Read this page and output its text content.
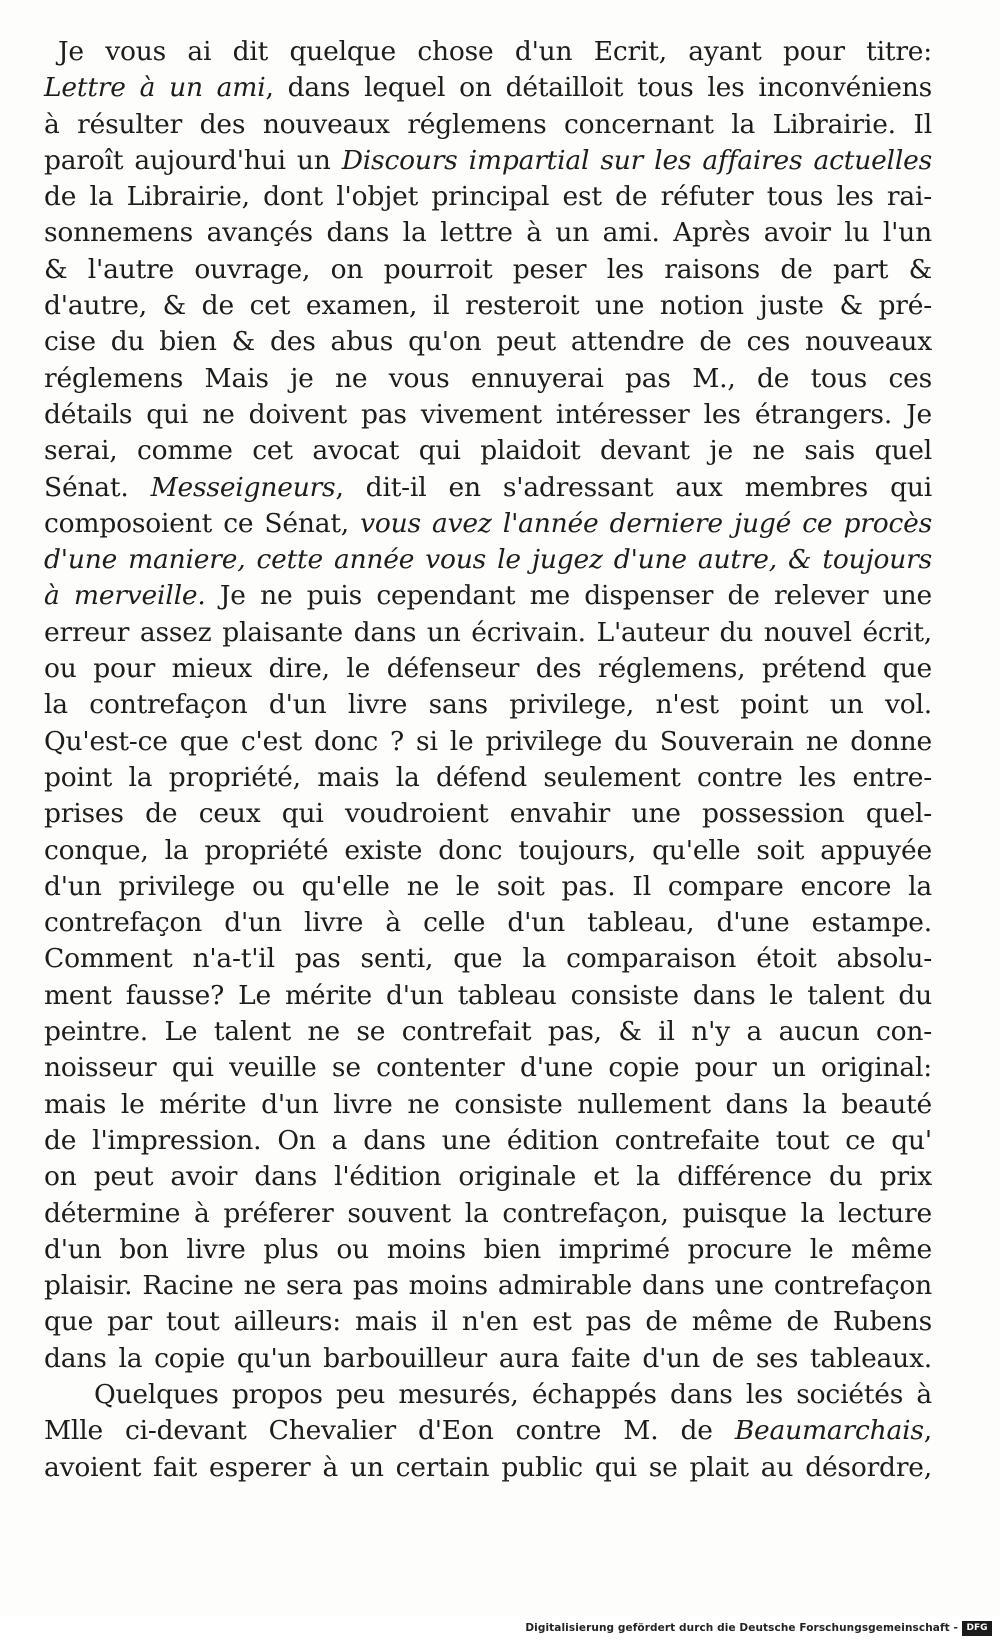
Je vous ai dit quelque chose d'un Ecrit, ayant pour titre:
Lettre à un ami, dans lequel on détailloit tous les inconvéniens
à résulter des nouveaux réglemens concernant la Librairie. Il
paroît aujourd'hui un Discours impartial sur les affaires actuelles
de la Librairie, dont l'objet principal est de réfuter tous les rai-
sonnemens avançés dans la lettre à un ami. Après avoir lu l'un
& l'autre ouvrage, on pourroit peser les raisons de part &
d'autre, & de cet examen, il resteroit une notion juste & pré-
cise du bien & des abus qu'on peut attendre de ces nouveaux
réglemens Mais je ne vous ennuyerai pas M., de tous ces
détails qui ne doivent pas vivement intéresser les étrangers. Je
serai, comme cet avocat qui plaidoit devant je ne sais quel
Sénat. Messeigneurs, dit-il en s'adressant aux membres qui
composoient ce Sénat, vous avez l'année derniere jugé ce procès
d'une maniere, cette année vous le jugez d'une autre, & toujours
à merveille. Je ne puis cependant me dispenser de relever une
erreur assez plaisante dans un écrivain. L'auteur du nouvel écrit,
ou pour mieux dire, le défenseur des réglemens, prétend que
la contrefaçon d'un livre sans privilege, n'est point un vol.
Qu'est-ce que c'est donc ? si le privilege du Souverain ne donne
point la propriété, mais la défend seulement contre les entre-
prises de ceux qui voudroient envahir une possession quel-
conque, la propriété existe donc toujours, qu'elle soit appuyée
d'un privilege ou qu'elle ne le soit pas. Il compare encore la
contrefaçon d'un livre à celle d'un tableau, d'une estampe.
Comment n'a-t'il pas senti, que la comparaison étoit absolu-
ment fausse? Le mérite d'un tableau consiste dans le talent du
peintre. Le talent ne se contrefait pas, & il n'y a aucun con-
noisseur qui veuille se contenter d'une copie pour un original:
mais le mérite d'un livre ne consiste nullement dans la beauté
de l'impression. On a dans une édition contrefaite tout ce qu'
on peut avoir dans l'édition originale et la différence du prix
détermine à préferer souvent la contrefaçon, puisque la lecture
d'un bon livre plus ou moins bien imprimé procure le même
plaisir. Racine ne sera pas moins admirable dans une contrefaçon
que par tout ailleurs: mais il n'en est pas de même de Rubens
dans la copie qu'un barbouilleur aura faite d'un de ses tableaux.
Quelques propos peu mesurés, échappés dans les sociétés à
Mlle ci-devant Chevalier d'Eon contre M. de Beaumarchais,
avoient fait esperer à un certain public qui se plait au désordre,
Digitalisierung gefördert durch die Deutsche Forschungsgemeinschaft - DFG
